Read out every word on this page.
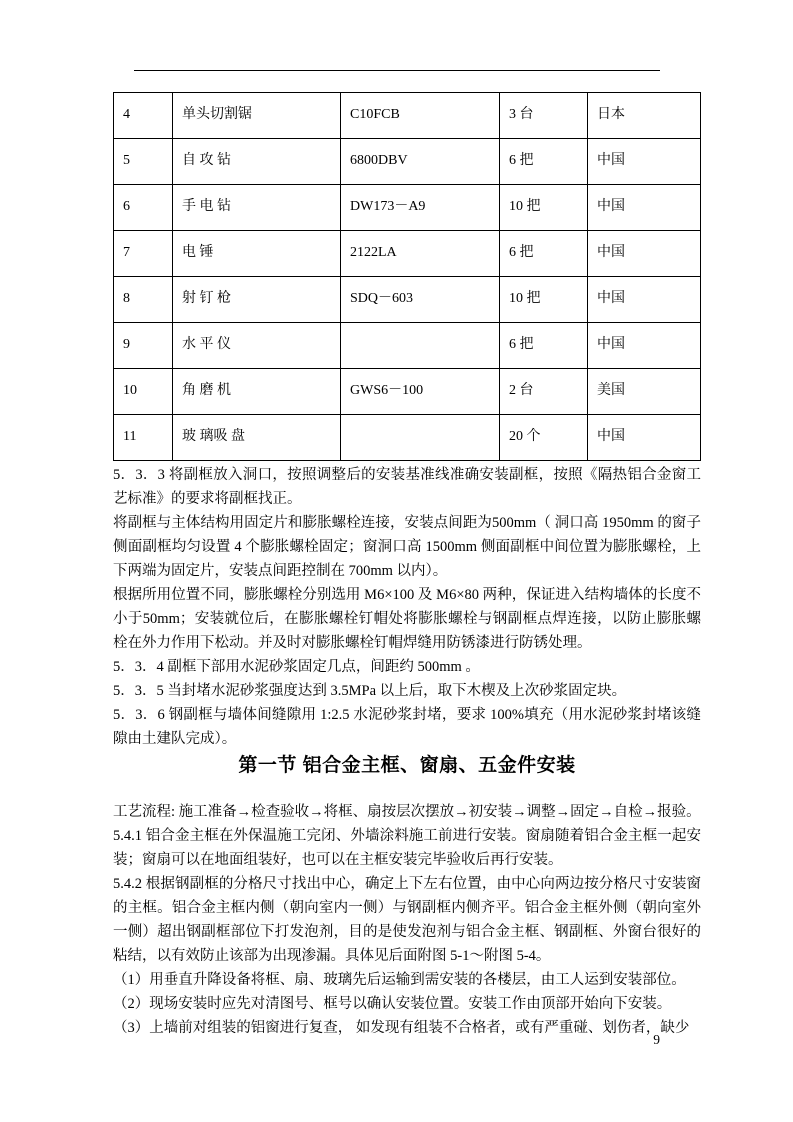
4	单头切割锯	C10FCB	3 台	日本
5	自 攻 钻	6800DBV	6 把	中国
6	手 电 钻	DW173－A9	10 把	中国
7	电 锤	2122LA	6 把	中国
8	射 钉 枪	SDQ－603	10 把	中国
9	水 平 仪		6 把	中国
10	角 磨 机	GWS6－100	2 台	美国
11	玻 璃吸 盘		20 个	中国

5．3．3 将副框放入洞口，按照调整后的安装基准线准确安装副框，按照《隔热铝合金窗工艺标准》的要求将副框找正。

将副框与主体结构用固定片和膨胀螺栓连接，安装点间距为500mm（ 洞口高 1950mm 的窗子侧面副框均匀设置 4 个膨胀螺栓固定；窗洞口高 1500mm 侧面副框中间位置为膨胀螺栓，上下两端为固定片，安装点间距控制在 700mm 以内）。

根据所用位置不同，膨胀螺栓分别选用 M6×100 及 M6×80 两种，保证进入结构墙体的长度不小于50mm；安装就位后，在膨胀螺栓钉帽处将膨胀螺栓与钢副框点焊连接，以防止膨胀螺栓在外力作用下松动。并及时对膨胀螺栓钉帽焊缝用防锈漆进行防锈处理。

5．3．4 副框下部用水泥砂浆固定几点，间距约 500mm 。

5．3．5 当封堵水泥砂浆强度达到 3.5MPa 以上后，取下木楔及上次砂浆固定块。

5．3．6 钢副框与墙体间缝隙用 1:2.5 水泥砂浆封堵，要求 100%填充（用水泥砂浆封堵该缝隙由土建队完成）。

第一节 铝合金主框、窗扇、五金件安装

工艺流程: 施工准备→检查验收→将框、扇按层次摆放→初安装→调整→固定→自检→报验。

5.4.1 铝合金主框在外保温施工完闭、外墙涂料施工前进行安装。窗扇随着铝合金主框一起安装；窗扇可以在地面组装好，也可以在主框安装完毕验收后再行安装。

5.4.2 根据钢副框的分格尺寸找出中心，确定上下左右位置，由中心向两边按分格尺寸安装窗的主框。铝合金主框内侧（朝向室内一侧）与钢副框内侧齐平。铝合金主框外侧（朝向室外一侧）超出钢副框部位下打发泡剂，目的是使发泡剂与铝合金主框、钢副框、外窗台很好的粘结，以有效防止该部为出现渗漏。具体见后面附图 5-1～附图 5-4。

（1）用垂直升降设备将框、扇、玻璃先后运输到需安装的各楼层，由工人运到安装部位。

（2）现场安装时应先对清图号、框号以确认安装位置。安装工作由顶部开始向下安装。

（3）上墙前对组装的铝窗进行复查， 如发现有组装不合格者，或有严重碰、划伤者，缺少

9
